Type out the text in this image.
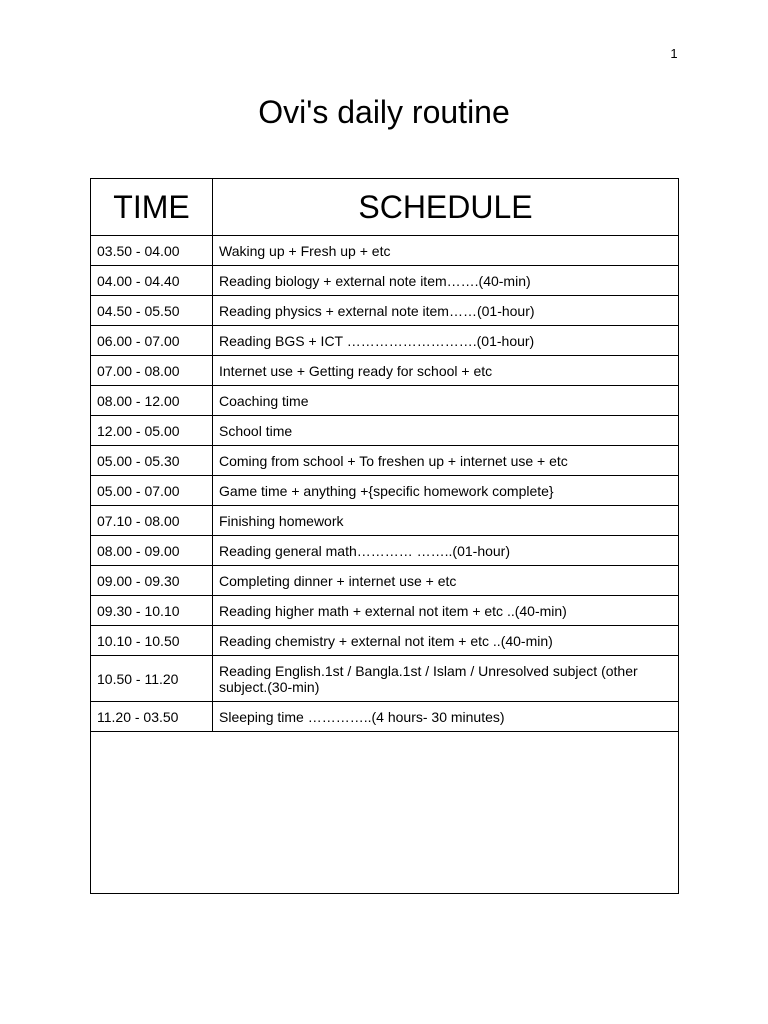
1
Ovi's daily routine
TIME	SCHEDULE
03.50 - 04.00	Waking up + Fresh up + etc
04.00 - 04.40	Reading biology + external note item…….(40-min)
04.50 - 05.50	Reading physics + external note item……(01-hour)
06.00 - 07.00	Reading BGS + ICT ……………………….(01-hour)
07.00 - 08.00	Internet use + Getting ready for school + etc
08.00 - 12.00	Coaching time
12.00 - 05.00	School time
05.00 - 05.30	Coming from school + To freshen up + internet use + etc
05.00 - 07.00	Game time + anything +{specific homework complete}
07.10 - 08.00	Finishing homework
08.00 - 09.00	Reading general math………… ……..(01-hour)
09.00 - 09.30	Completing dinner + internet use + etc
09.30 - 10.10	Reading higher math + external not item + etc ..(40-min)
10.10 - 10.50	Reading chemistry + external not item + etc ..(40-min)
10.50 - 11.20	Reading English.1st / Bangla.1st / Islam / Unresolved subject (other subject.(30-min)
11.20 - 03.50	Sleeping time …………..(4 hours- 30 minutes)
